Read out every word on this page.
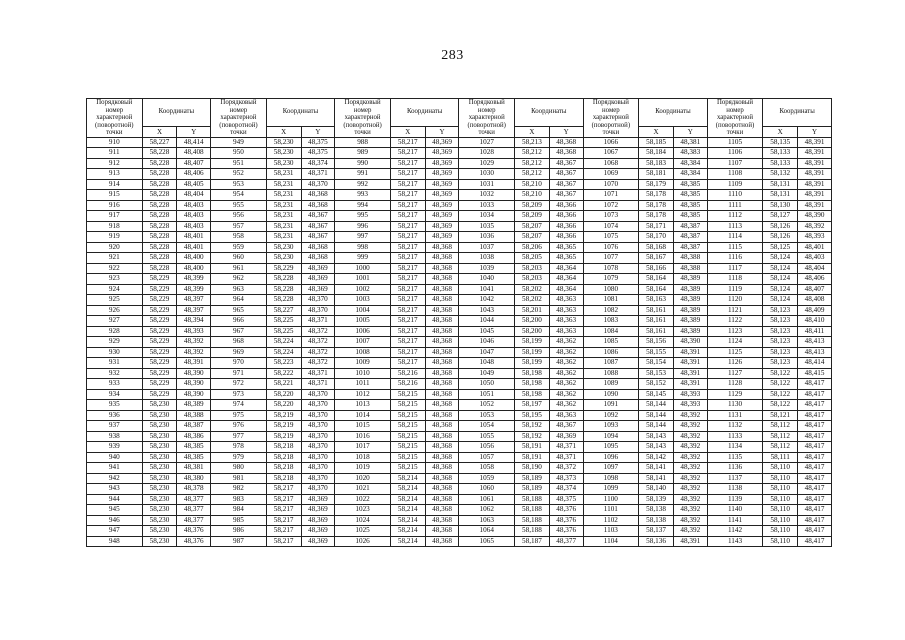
283
Порядковый номер характерной (поворотной) точки	Координаты		Порядковый номер характерной (поворотной) точки	Координаты		Порядковый номер характерной (поворотной) точки	Координаты		Порядковый номер характерной (поворотной) точки	Координаты		Порядковый номер характерной (поворотной) точки	Координаты		Порядковый номер характерной (поворотной) точки	Координаты	
	X	Y		X	Y		X	Y		X	Y		X	Y		X	Y
910	58,227	48,414	949	58,230	48,375	988	58,217	48,369	1027	58,213	48,368	1066	58,185	48,381	1105	58,135	48,391
911	58,228	48,408	950	58,230	48,375	989	58,217	48,369	1028	58,212	48,368	1067	58,184	48,383	1106	58,133	48,391
912	58,228	48,407	951	58,230	48,374	990	58,217	48,369	1029	58,212	48,367	1068	58,183	48,384	1107	58,133	48,391
913	58,228	48,406	952	58,231	48,371	991	58,217	48,369	1030	58,212	48,367	1069	58,181	48,384	1108	58,132	48,391
914	58,228	48,405	953	58,231	48,370	992	58,217	48,369	1031	58,210	48,367	1070	58,179	48,385	1109	58,131	48,391
915	58,228	48,404	954	58,231	48,368	993	58,217	48,369	1032	58,210	48,367	1071	58,178	48,385	1110	58,131	48,391
916	58,228	48,403	955	58,231	48,368	994	58,217	48,369	1033	58,209	48,366	1072	58,178	48,385	1111	58,130	48,391
917	58,228	48,403	956	58,231	48,367	995	58,217	48,369	1034	58,209	48,366	1073	58,178	48,385	1112	58,127	48,390
918	58,228	48,403	957	58,231	48,367	996	58,217	48,369	1035	58,207	48,366	1074	58,171	48,387	1113	58,126	48,392
919	58,228	48,401	958	58,231	48,367	997	58,217	48,369	1036	58,207	48,366	1075	58,170	48,387	1114	58,126	48,393
920	58,228	48,401	959	58,230	48,368	998	58,217	48,368	1037	58,206	48,365	1076	58,168	48,387	1115	58,125	48,401
921	58,228	48,400	960	58,230	48,368	999	58,217	48,368	1038	58,205	48,365	1077	58,167	48,388	1116	58,124	48,403
922	58,228	48,400	961	58,229	48,369	1000	58,217	48,368	1039	58,203	48,364	1078	58,166	48,388	1117	58,124	48,404
923	58,229	48,399	962	58,228	48,369	1001	58,217	48,368	1040	58,203	48,364	1079	58,164	48,389	1118	58,124	48,406
924	58,229	48,399	963	58,228	48,369	1002	58,217	48,368	1041	58,202	48,364	1080	58,164	48,389	1119	58,124	48,407
925	58,229	48,397	964	58,228	48,370	1003	58,217	48,368	1042	58,202	48,363	1081	58,163	48,389	1120	58,124	48,408
926	58,229	48,397	965	58,227	48,370	1004	58,217	48,368	1043	58,201	48,363	1082	58,161	48,389	1121	58,123	48,409
927	58,229	48,394	966	58,225	48,371	1005	58,217	48,368	1044	58,200	48,363	1083	58,161	48,389	1122	58,123	48,410
928	58,229	48,393	967	58,225	48,372	1006	58,217	48,368	1045	58,200	48,363	1084	58,161	48,389	1123	58,123	48,411
929	58,229	48,392	968	58,224	48,372	1007	58,217	48,368	1046	58,199	48,362	1085	58,156	48,390	1124	58,123	48,413
930	58,229	48,392	969	58,224	48,372	1008	58,217	48,368	1047	58,199	48,362	1086	58,155	48,391	1125	58,123	48,413
931	58,229	48,391	970	58,223	48,372	1009	58,217	48,368	1048	58,199	48,362	1087	58,154	48,391	1126	58,123	48,414
932	58,229	48,390	971	58,222	48,371	1010	58,216	48,368	1049	58,198	48,362	1088	58,153	48,391	1127	58,122	48,415
933	58,229	48,390	972	58,221	48,371	1011	58,216	48,368	1050	58,198	48,362	1089	58,152	48,391	1128	58,122	48,417
934	58,229	48,390	973	58,220	48,370	1012	58,215	48,368	1051	58,198	48,362	1090	58,145	48,393	1129	58,122	48,417
935	58,230	48,389	974	58,220	48,370	1013	58,215	48,368	1052	58,197	48,362	1091	58,144	48,393	1130	58,122	48,417
936	58,230	48,388	975	58,219	48,370	1014	58,215	48,368	1053	58,195	48,363	1092	58,144	48,392	1131	58,121	48,417
937	58,230	48,387	976	58,219	48,370	1015	58,215	48,368	1054	58,192	48,367	1093	58,144	48,392	1132	58,112	48,417
938	58,230	48,386	977	58,219	48,370	1016	58,215	48,368	1055	58,192	48,369	1094	58,143	48,392	1133	58,112	48,417
939	58,230	48,385	978	58,218	48,370	1017	58,215	48,368	1056	58,191	48,371	1095	58,143	48,392	1134	58,112	48,417
940	58,230	48,385	979	58,218	48,370	1018	58,215	48,368	1057	58,191	48,371	1096	58,142	48,392	1135	58,111	48,417
941	58,230	48,381	980	58,218	48,370	1019	58,215	48,368	1058	58,190	48,372	1097	58,141	48,392	1136	58,110	48,417
942	58,230	48,380	981	58,218	48,370	1020	58,214	48,368	1059	58,189	48,373	1098	58,141	48,392	1137	58,110	48,417
943	58,230	48,378	982	58,217	48,370	1021	58,214	48,368	1060	58,189	48,374	1099	58,140	48,392	1138	58,110	48,417
944	58,230	48,377	983	58,217	48,369	1022	58,214	48,368	1061	58,188	48,375	1100	58,139	48,392	1139	58,110	48,417
945	58,230	48,377	984	58,217	48,369	1023	58,214	48,368	1062	58,188	48,376	1101	58,138	48,392	1140	58,110	48,417
946	58,230	48,377	985	58,217	48,369	1024	58,214	48,368	1063	58,188	48,376	1102	58,138	48,392	1141	58,110	48,417
947	58,230	48,376	986	58,217	48,369	1025	58,214	48,368	1064	58,188	48,376	1103	58,137	48,392	1142	58,110	48,417
948	58,230	48,376	987	58,217	48,369	1026	58,214	48,368	1065	58,187	48,377	1104	58,136	48,391	1143	58,110	48,417
